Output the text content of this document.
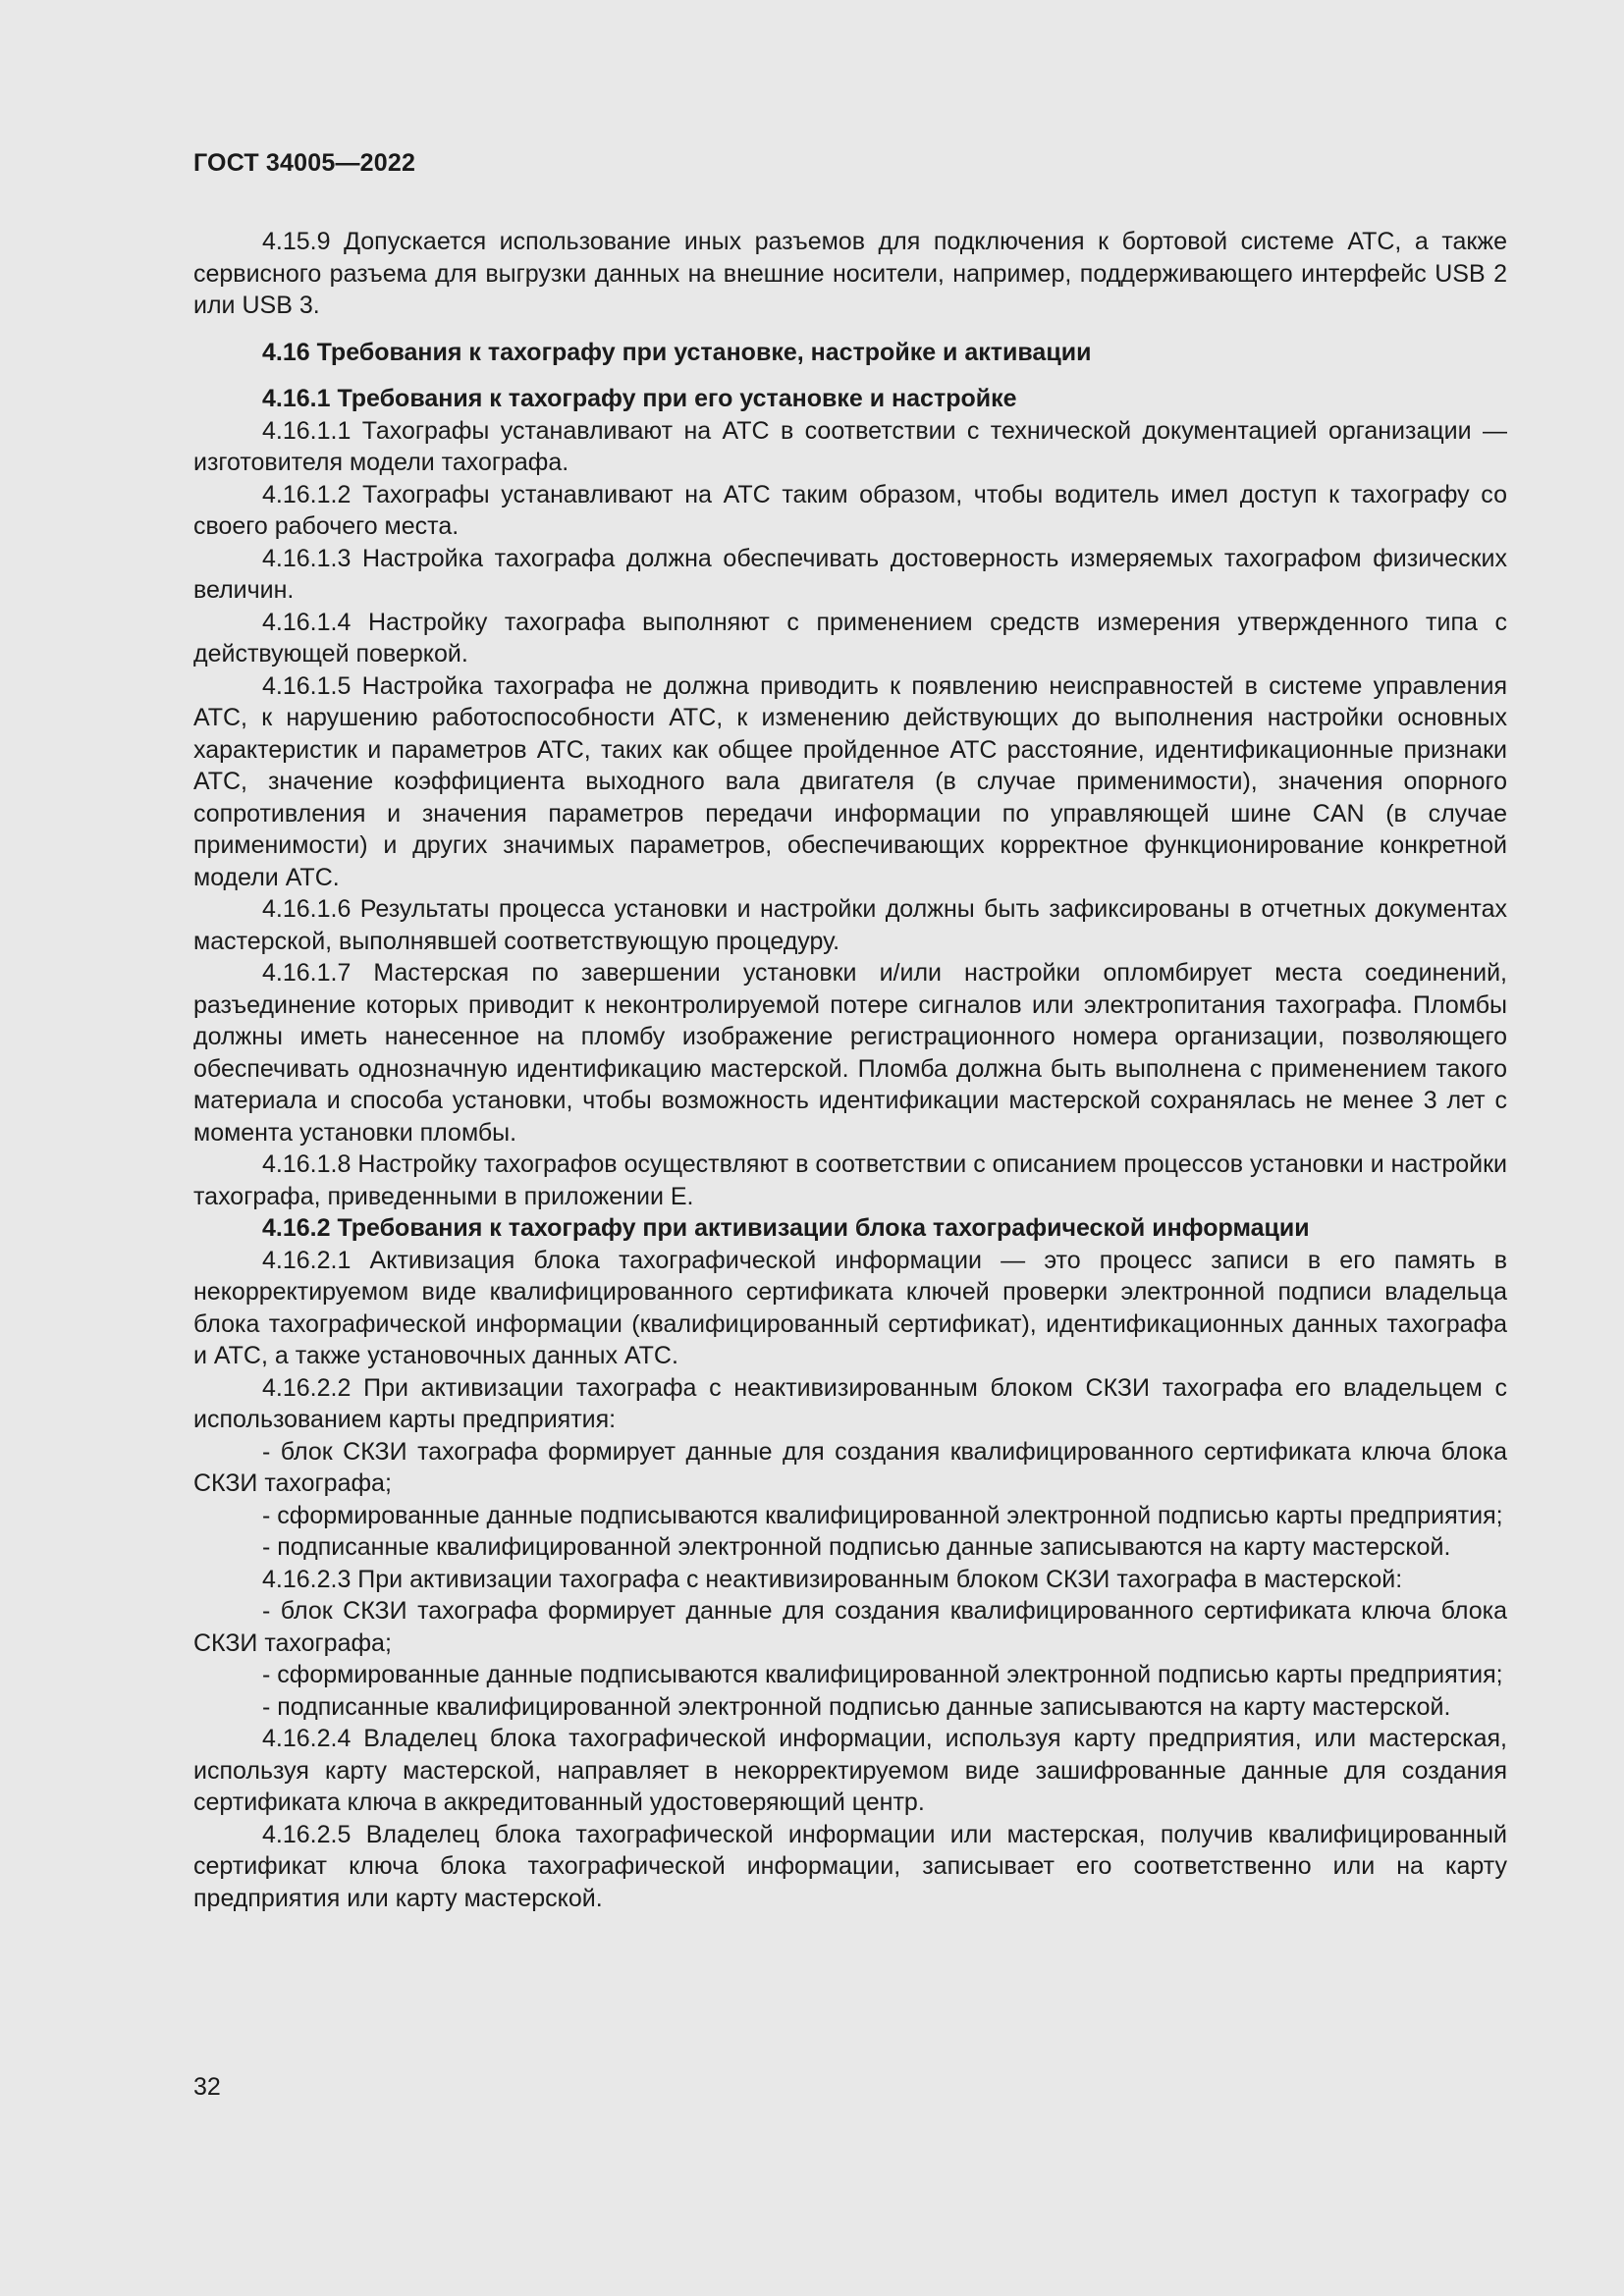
ГОСТ 34005—2022

4.15.9 Допускается использование иных разъемов для подключения к бортовой системе АТС, а также сервисного разъема для выгрузки данных на внешние носители, например, поддерживающего интерфейс USB 2 или USB 3.

4.16 Требования к тахографу при установке, настройке и активации

4.16.1 Требования к тахографу при его установке и настройке

4.16.1.1 Тахографы устанавливают на АТС в соответствии с технической документацией организации — изготовителя модели тахографа.

4.16.1.2 Тахографы устанавливают на АТС таким образом, чтобы водитель имел доступ к тахографу со своего рабочего места.

4.16.1.3 Настройка тахографа должна обеспечивать достоверность измеряемых тахографом физических величин.

4.16.1.4 Настройку тахографа выполняют с применением средств измерения утвержденного типа с действующей поверкой.

4.16.1.5 Настройка тахографа не должна приводить к появлению неисправностей в системе управления АТС, к нарушению работоспособности АТС, к изменению действующих до выполнения настройки основных характеристик и параметров АТС, таких как общее пройденное АТС расстояние, идентификационные признаки АТС, значение коэффициента выходного вала двигателя (в случае применимости), значения опорного сопротивления и значения параметров передачи информации по управляющей шине CAN (в случае применимости) и других значимых параметров, обеспечивающих корректное функционирование конкретной модели АТС.

4.16.1.6 Результаты процесса установки и настройки должны быть зафиксированы в отчетных документах мастерской, выполнявшей соответствующую процедуру.

4.16.1.7 Мастерская по завершении установки и/или настройки опломбирует места соединений, разъединение которых приводит к неконтролируемой потере сигналов или электропитания тахографа. Пломбы должны иметь нанесенное на пломбу изображение регистрационного номера организации, позволяющего обеспечивать однозначную идентификацию мастерской. Пломба должна быть выполнена с применением такого материала и способа установки, чтобы возможность идентификации мастерской сохранялась не менее 3 лет с момента установки пломбы.

4.16.1.8 Настройку тахографов осуществляют в соответствии с описанием процессов установки и настройки тахографа, приведенными в приложении Е.

4.16.2 Требования к тахографу при активизации блока тахографической информации

4.16.2.1 Активизация блока тахографической информации — это процесс записи в его память в некорректируемом виде квалифицированного сертификата ключей проверки электронной подписи владельца блока тахографической информации (квалифицированный сертификат), идентификационных данных тахографа и АТС, а также установочных данных АТС.

4.16.2.2 При активизации тахографа с неактивизированным блоком СКЗИ тахографа его владельцем с использованием карты предприятия:

- блок СКЗИ тахографа формирует данные для создания квалифицированного сертификата ключа блока СКЗИ тахографа;

- сформированные данные подписываются квалифицированной электронной подписью карты предприятия;

- подписанные квалифицированной электронной подписью данные записываются на карту мастерской.

4.16.2.3 При активизации тахографа с неактивизированным блоком СКЗИ тахографа в мастерской:

- блок СКЗИ тахографа формирует данные для создания квалифицированного сертификата ключа блока СКЗИ тахографа;

- сформированные данные подписываются квалифицированной электронной подписью карты предприятия;

- подписанные квалифицированной электронной подписью данные записываются на карту мастерской.

4.16.2.4 Владелец блока тахографической информации, используя карту предприятия, или мастерская, используя карту мастерской, направляет в некорректируемом виде зашифрованные данные для создания сертификата ключа в аккредитованный удостоверяющий центр.

4.16.2.5 Владелец блока тахографической информации или мастерская, получив квалифицированный сертификат ключа блока тахографической информации, записывает его соответственно или на карту предприятия или карту мастерской.

32
